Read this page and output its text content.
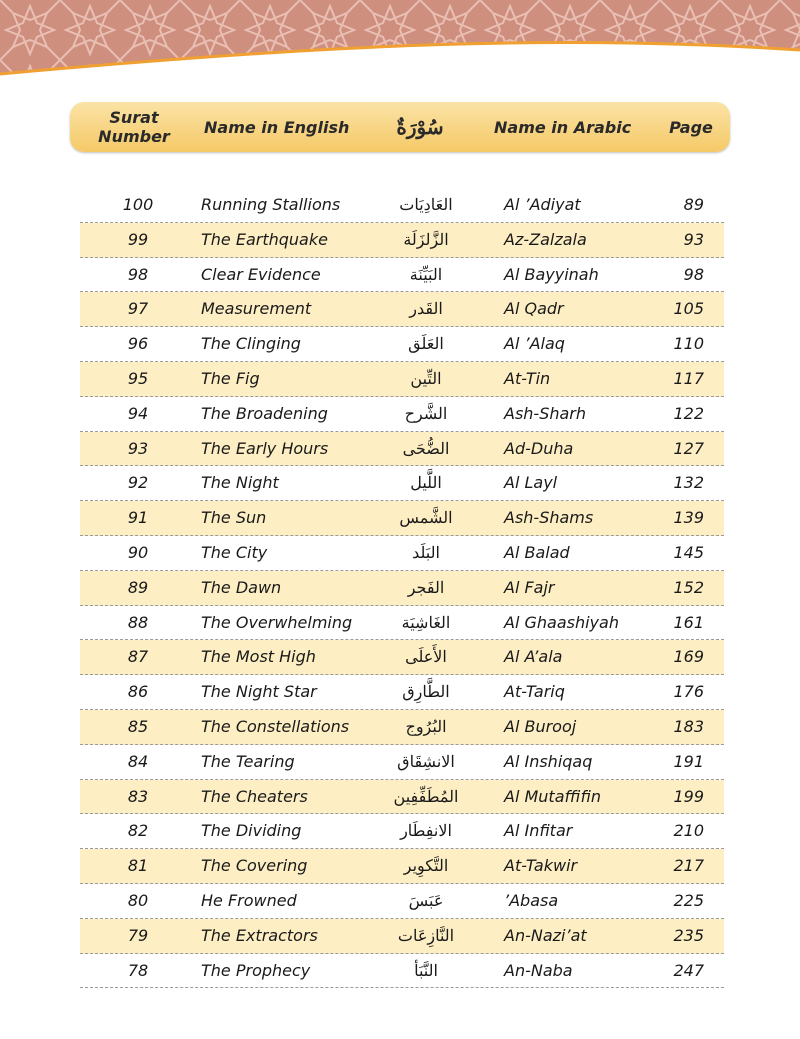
Surat Number	Name in English	سُوْرَةٌ	Name in Arabic	Page
100	Running Stallions	العَادِيَات	Al ’Adiyat	89
99	The Earthquake	الزَّلزَلَة	Az-Zalzala	93
98	Clear Evidence	البَيِّنَة	Al Bayyinah	98
97	Measurement	القَدر	Al Qadr	105
96	The Clinging	العَلَق	Al ’Alaq	110
95	The Fig	التِّين	At-Tin	117
94	The Broadening	الشَّرح	Ash-Sharh	122
93	The Early Hours	الضُّحَى	Ad-Duha	127
92	The Night	اللَّيل	Al Layl	132
91	The Sun	الشَّمس	Ash-Shams	139
90	The City	البَلَد	Al Balad	145
89	The Dawn	الفَجر	Al Fajr	152
88	The Overwhelming	الغَاشِيَة	Al Ghaashiyah	161
87	The Most High	الأَعلَى	Al A’ala	169
86	The Night Star	الطَّارِق	At-Tariq	176
85	The Constellations	البُرُوج	Al Burooj	183
84	The Tearing	الانشِقَاق	Al Inshiqaq	191
83	The Cheaters	المُطَفِّفِين	Al Mutaffifin	199
82	The Dividing	الانفِطَار	Al Infitar	210
81	The Covering	التَّكوِير	At-Takwir	217
80	He Frowned	عَبَسَ	’Abasa	225
79	The Extractors	النَّازِعَات	An-Nazi’at	235
78	The Prophecy	النَّبَأ	An-Naba	247
